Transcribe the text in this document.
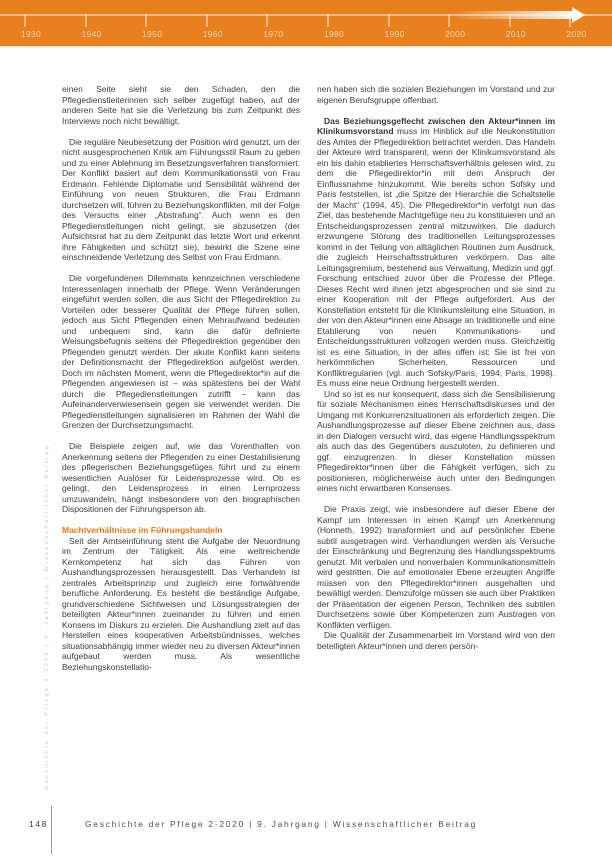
1930	1940	1950	1960	1970	1980	1990	2000	2010	2020
Geschichte der Pflege 2-2020 | 9. Jahrgang | Wissenschaftlicher Beitrag

einen Seite sieht sie den Schaden, den die Pflegedienstleiterinnen sich selber zugefügt haben, auf der anderen Seite hat sie die Verletzung bis zum Zeitpunkt des Interviews noch nicht bewältigt.

Die reguläre Neubesetzung der Position wird genutzt, um der nicht ausgesprochenen Kritik am Führungsstil Raum zu geben und zu einer Ablehnung im Besetzungsverfahren transformiert. Der Konflikt basiert auf dem Kommunikationsstil von Frau Erdmann. Fehlende Diplomatie und Sensibilität während der Einführung von neuen Strukturen, die Frau Erdmann durchsetzen will, führen zu Beziehungskonflikten, mit der Folge des Versuchs einer „Abstrafung“. Auch wenn es den Pflegedienstleitungen nicht gelingt, sie abzusetzen (der Aufsichtsrat hat zu dem Zeitpunkt das letzte Wort und erkennt ihre Fähigkeiten und schützt sie), bewirkt die Szene eine einschneidende Verletzung des Selbst von Frau Erdmann.

Die vorgefundenen Dilemmata kennzeichnen verschiedene Interessenlagen innerhalb der Pflege. Wenn Veränderungen eingeführt werden sollen, die aus Sicht der Pflegedirektion zu Vorteilen oder besserer Qualität der Pflege führen sollen, jedoch aus Sicht Pflegenden einen Mehraufwand bedeuten und unbequem sind, kann die dafür definierte Weisungsbefugnis seitens der Pflegedirektion gegenüber den Pflegenden genutzt werden. Der akute Konflikt kann seitens der Definitionsmacht der Pflegedirektion aufgelöst werden. Doch im nächsten Moment, wenn die Pflegedirektor*in auf die Pflegenden angewiesen ist – was spätestens bei der Wahl durch die Pflegedienstleitungen zutrifft – kann das Aufeinanderverwiesensein gegen sie verwendet werden. Die Pflegedienstleitungen signalisieren im Rahmen der Wahl die Grenzen der Durchsetzungsmacht.

Die Beispiele zeigen auf, wie das Vorenthalten von Anerkennung seitens der Pflegenden zu einer Destabilisierung des pflegerischen Beziehungsgefüges führt und zu einem wesentlichen Auslöser für Leidensprozesse wird. Ob es gelingt, den Leidensprozess in einen Lernprozess umzuwandeln, hängt insbesondere von den biographischen Dispositionen der Führungsperson ab.

Machtverhältnisse im Führungshandeln

Seit der Amtseinführung steht die Aufgabe der Neuordnung im Zentrum der Tätigkeit. Als eine weitreichende Kernkompetenz hat sich das Führen von Aushandlungsprozessen herausgestellt. Das Verhandeln ist zentrales Arbeitsprinzip und zugleich eine fortwährende berufliche Anforderung. Es besteht die beständige Aufgabe, grundverschiedene Sichtweisen und Lösungsstrategien der beteiligten Akteur*innen zueinander zu führen und einen Konsens im Diskurs zu erzielen. Die Aushandlung zielt auf das Herstellen eines kooperativen Arbeitsbündnisses, welches situationsabhängig immer wieder neu zu diversen Akteur*innen aufgebaut werden muss. Als wesentliche Beziehungskonstellatio-

nen haben sich die sozialen Beziehungen im Vorstand und zur eigenen Berufsgruppe offenbart.

Das Beziehungsgeflecht zwischen den Akteur*innen im Klinikumsvorstand muss im Hinblick auf die Neukonstitution des Amtes der Pflegedirektion betrachtet werden. Das Handeln der Akteure wird transparent, wenn der Klinikumsvorstand als ein bis dahin etabliertes Herrschaftsverhältnis gelesen wird, zu dem die Pflegedirektor*in mit dem Anspruch der Einflussnahme hinzukommt. Wie bereits schon Sofsky und Paris feststellen, ist „die Spitze der Hierarchie die Schaltstelle der Macht“ (1994, 45). Die Pflegedirektor*in verfolgt nun das Ziel, das bestehende Machtgefüge neu zu konstituieren und an Entscheidungsprozessen zentral mitzuwirken. Die dadurch erzwungene Störung des traditionellen Leitungsprozesses kommt in der Teilung von alltäglichen Routinen zum Ausdruck, die zugleich Herrschaftsstrukturen verkörpern. Das alte Leitungsgremium, bestehend aus Verwaltung, Medizin und ggf. Forschung entschied zuvor über die Prozesse der Pflege. Dieses Recht wird ihnen jetzt abgesprochen und sie sind zu einer Kooperation mit der Pflege aufgefordert. Aus der Konstellation entsteht für die Klinikumsleitung eine Situation, in der von den Akteur*innen eine Absage an traditionelle und eine Etablierung von neuen Kommunikations- und Entscheidungsstrukturen vollzogen werden muss. Gleichzeitig ist es eine Situation, in der alles offen ist: Sie ist frei von herkömmlichen Sicherheiten, Ressourcen und Konfliktregularien (vgl. auch Sofsky/Paris, 1994; Paris, 1998). Es muss eine neue Ordnung hergestellt werden.

Und so ist es nur konsequent, dass sich die Sensibilisierung für soziale Mechanismen eines Herrschaftsdiskurses und der Umgang mit Konkurrenzsituationen als erforderlich zeigen. Die Aushandlungsprozesse auf dieser Ebene zeichnen aus, dass in den Dialogen versucht wird, das eigene Handlungsspektrum als auch das des Gegenübers auszuloten, zu definieren und ggf. einzugrenzen. In dieser Konstellation müssen Pflegedirektor*innen über die Fähigkeit verfügen, sich zu positionieren, möglicherweise auch unter den Bedingungen eines nicht erwartbaren Konsenses.

Die Praxis zeigt, wie insbesondere auf dieser Ebene der Kampf um Interessen in einen Kampf um Anerkennung (Honneth, 1992) transformiert und auf persönlicher Ebene subtil ausgetragen wird. Verhandlungen werden als Versuche der Einschränkung und Begrenzung des Handlungsspektrums genutzt. Mit verbalen und nonverbalen Kommunikationsmitteln wird gestritten. Die auf emotionaler Ebene erzeugten Angriffe müssen von den Pflegedirektor*innen ausgehalten und bewältigt werden. Demzufolge müssen sie auch über Praktiken der Präsentation der eigenen Person, Techniken des subtilen Durchsetzens sowie über Kompetenzen zum Austragen von Konflikten verfügen.

Die Qualität der Zusammenarbeit im Vorstand wird von den beteiligten Akteur*innen und deren persön-

148	Geschichte der Pflege 2-2020 | 9. Jahrgang | Wissenschaftlicher Beitrag
